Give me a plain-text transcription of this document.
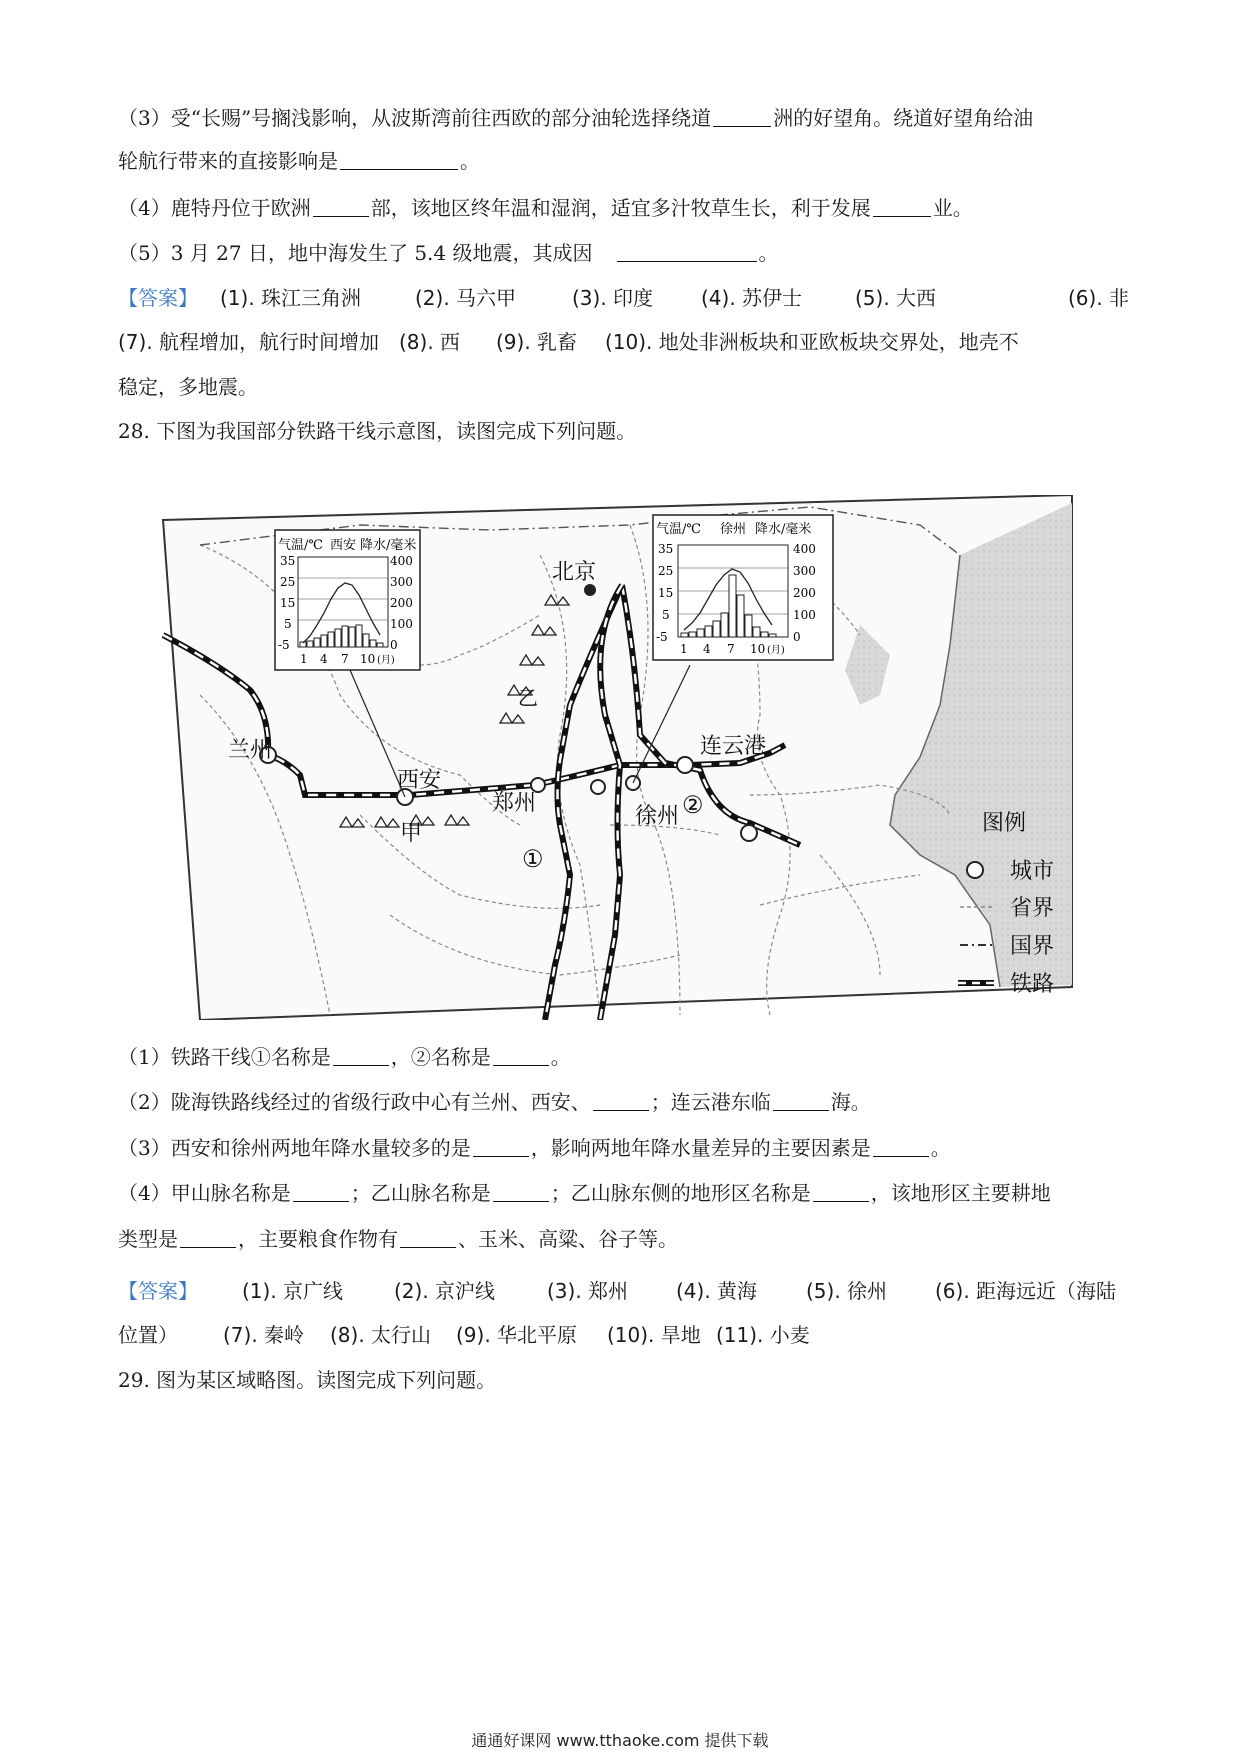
（3）受“长赐”号搁浅影响，从波斯湾前往西欧的部分油轮选择绕道	洲的好望角。绕道好望角给油
轮航行带来的直接影响是	。
（4）鹿特丹位于欧洲	部，该地区终年温和湿润，适宜多汁牧草生长，利于发展	业。
（5）3 月 27 日，地中海发生了 5.4 级地震，其成因	。
【答案】 (1). 珠江三角洲	(2). 马六甲	(3). 印度 (4). 苏伊士	(5). 大西	(6). 非
(7). 航程增加，航行时间增加 (8). 西 (9). 乳畜 (10). 地处非洲板块和亚欧板块交界处，地壳不
稳定，多地震。
28. 下图为我国部分铁路干线示意图，读图完成下列问题。
兰州
西安
郑州
徐州
连云港
北京
甲
乙
①
②
气温/℃ 西安 降水/毫米
35
25
15
5
-5
400
300
200
100
0
1 4 7 10 (月)
气温/℃ 徐州 降水/毫米
35
25
15
5
-5
400
300
200
100
0
1 4 7 10 (月)
图例
城市
省界
国界
铁路
（1）铁路干线①名称是	，②名称是	。
（2）陇海铁路线经过的省级行政中心有兰州、西安、	；连云港东临	海。
（3）西安和徐州两地年降水量较多的是	，影响两地年降水量差异的主要因素是	。
（4）甲山脉名称是	；乙山脉名称是	；乙山脉东侧的地形区名称是	，该地形区主要耕地
类型是	，主要粮食作物有	、玉米、高粱、谷子等。
【答案】 (1). 京广线	(2). 京沪线	(3). 郑州 (4). 黄海 (5). 徐州 (6). 距海远近（海陆
位置） (7). 秦岭 (8). 太行山 (9). 华北平原 (10). 旱地 (11). 小麦
29. 图为某区域略图。读图完成下列问题。
通通好课网 www.tthaoke.com 提供下载
